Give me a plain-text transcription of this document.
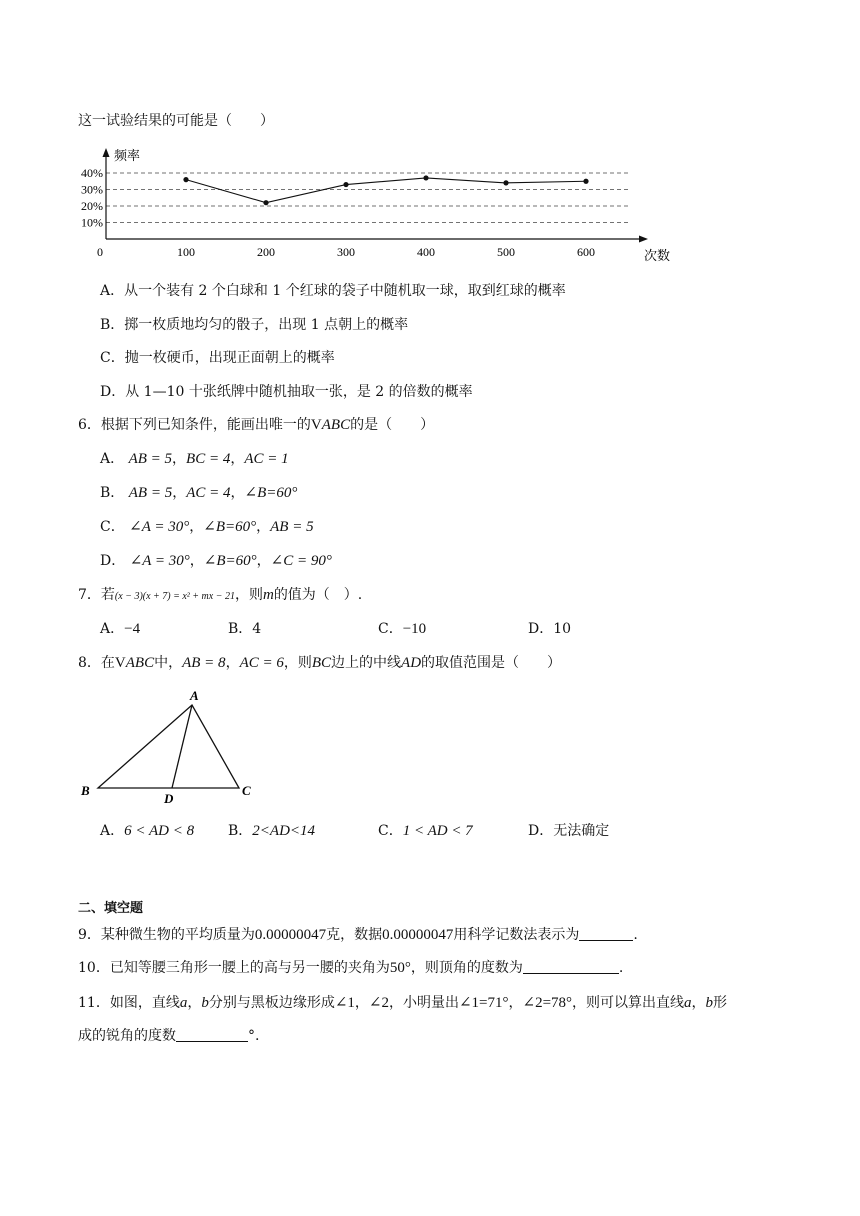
这一试验结果的可能是（　　）
10%
20%
30%
40%
0	100	200	300	400	500	600
频率
次数
A．从一个装有 2 个白球和 1 个红球的袋子中随机取一球，取到红球的概率
B．掷一枚质地均匀的骰子，出现 1 点朝上的概率
C．抛一枚硬币，出现正面朝上的概率
D．从 1—10 十张纸牌中随机抽取一张，是 2 的倍数的概率
6．根据下列已知条件，能画出唯一的VABC的是（　　）
A． AB = 5，BC = 4，AC = 1
B． AB = 5，AC = 4，∠B=60°
C． ∠A = 30°，∠B=60°，AB = 5
D． ∠A = 30°，∠B=60°，∠C = 90°
7．若(x − 3)(x + 7) = x² + mx − 21，则m的值为（　）.
A．−4	B．4	C．−10	D．10
8．在VABC中，AB = 8，AC = 6，则BC边上的中线AD的取值范围是（　　）
A
B	C
D
A．6 < AD < 8 B．2<AD<14	C．1 < AD < 7	D．无法确定
二、填空题
9．某种微生物的平均质量为0.00000047克，数据0.00000047用科学记数法表示为	.
10．已知等腰三角形一腰上的高与另一腰的夹角为50°，则顶角的度数为	.
11．如图，直线a，b分别与黑板边缘形成∠1，∠2，小明量出∠1=71°，∠2=78°，则可以算出直线a，b形
成的锐角的度数	°.
